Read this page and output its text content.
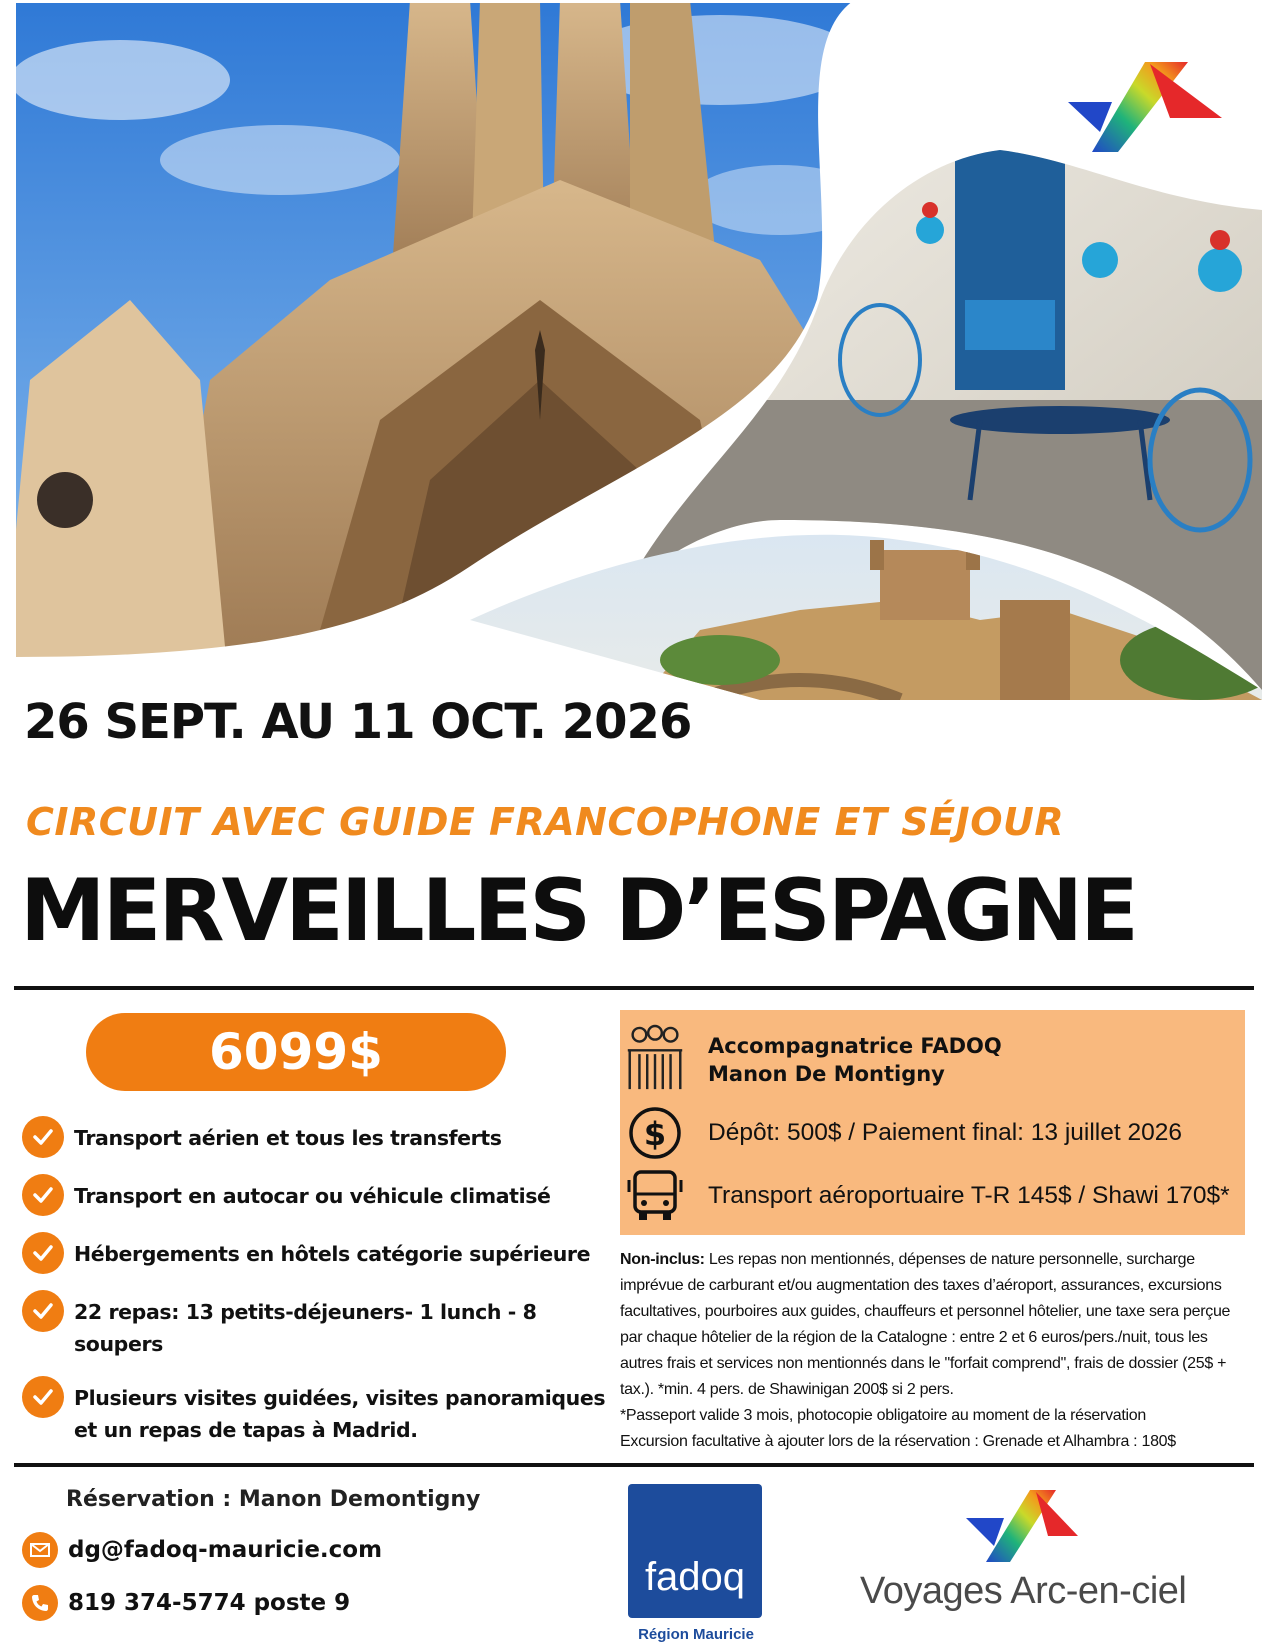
26 SEPT. AU 11 OCT. 2026
CIRCUIT AVEC GUIDE FRANCOPHONE ET SÉJOUR
MERVEILLES D’ESPAGNE
6099$
Transport aérien et tous les transferts
Transport en autocar ou véhicule climatisé
Hébergements en hôtels catégorie supérieure
22 repas: 13 petits-déjeuners- 1 lunch - 8 soupers
Plusieurs visites guidées, visites panoramiques et un repas de tapas à Madrid.
Accompagnatrice FADOQ
Manon De Montigny
$ Dépôt: 500$ / Paiement final: 13 juillet 2026
Transport aéroportuaire T-R 145$ / Shawi 170$*
Non-inclus: Les repas non mentionnés, dépenses de nature personnelle, surcharge imprévue de carburant et/ou augmentation des taxes d’aéroport, assurances, excursions facultatives, pourboires aux guides, chauffeurs et personnel hôtelier, une taxe sera perçue par chaque hôtelier de la région de la Catalogne : entre 2 et 6 euros/pers./nuit, tous les autres frais et services non mentionnés dans le "forfait comprend", frais de dossier (25$ + tax.). *min. 4 pers. de Shawinigan 200$ si 2 pers.
*Passeport valide 3 mois, photocopie obligatoire au moment de la réservation
Excursion facultative à ajouter lors de la réservation : Grenade et Alhambra : 180$
Réservation : Manon Demontigny
dg@fadoq-mauricie.com
819 374-5774 poste 9
fadoq
Région Mauricie
Voyages Arc-en-ciel
